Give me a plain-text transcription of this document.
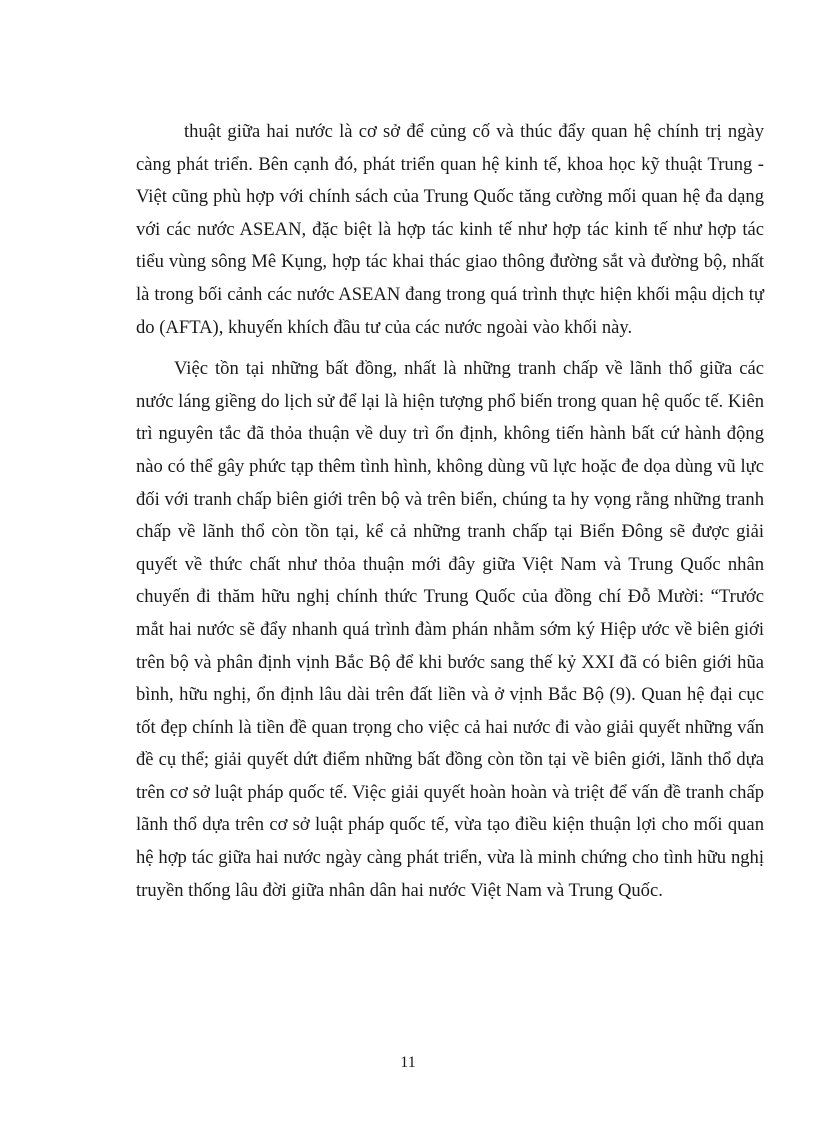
thuật giữa hai nước là cơ sở để củng cố và thúc đẩy quan hệ chính trị ngày càng phát triển. Bên cạnh đó, phát triển quan hệ kinh tế, khoa học kỹ thuật Trung - Việt cũng phù hợp với chính sách của Trung Quốc tăng cường mối quan hệ đa dạng với các nước ASEAN, đặc biệt là hợp tác kinh tế như hợp tác kinh tế như hợp tác tiểu vùng sông Mê Kụng, hợp tác khai thác giao thông đường sắt và đường bộ, nhất là trong bối cảnh các nước ASEAN đang trong quá trình thực hiện khối mậu dịch tự do (AFTA), khuyến khích đầu tư của các nước ngoài vào khối này.

Việc tồn tại những bất đồng, nhất là những tranh chấp về lãnh thổ giữa các nước láng giềng do lịch sử để lại là hiện tượng phổ biến trong quan hệ quốc tế. Kiên trì nguyên tắc đã thỏa thuận về duy trì ổn định, không tiến hành bất cứ hành động nào có thể gây phức tạp thêm tình hình, không dùng vũ lực hoặc đe dọa dùng vũ lực đối với tranh chấp biên giới trên bộ và trên biển, chúng ta hy vọng rằng những tranh chấp về lãnh thổ còn tồn tại, kể cả những tranh chấp tại Biển Đông sẽ được giải quyết về thức chất như thỏa thuận mới đây giữa Việt Nam và Trung Quốc nhân chuyến đi thăm hữu nghị chính thức Trung Quốc của đồng chí Đỗ Mười: “Trước mắt hai nước sẽ đẩy nhanh quá trình đàm phán nhằm sớm ký Hiệp ước về biên giới trên bộ và phân định vịnh Bắc Bộ để khi bước sang thế kỷ XXI đã có biên giới hũa bình, hữu nghị, ổn định lâu dài trên đất liền và ở vịnh Bắc Bộ (9). Quan hệ đại cục tốt đẹp chính là tiền đề quan trọng cho việc cả hai nước đi vào giải quyết những vấn đề cụ thể; giải quyết dứt điểm những bất đồng còn tồn tại về biên giới, lãnh thổ dựa trên cơ sở luật pháp quốc tế. Việc giải quyết hoàn hoàn và triệt để vấn đề tranh chấp lãnh thổ dựa trên cơ sở luật pháp quốc tế, vừa tạo điều kiện thuận lợi cho mối quan hệ hợp tác giữa hai nước ngày càng phát triển, vừa là minh chứng cho tình hữu nghị truyền thống lâu đời giữa nhân dân hai nước Việt Nam và Trung Quốc.

11
